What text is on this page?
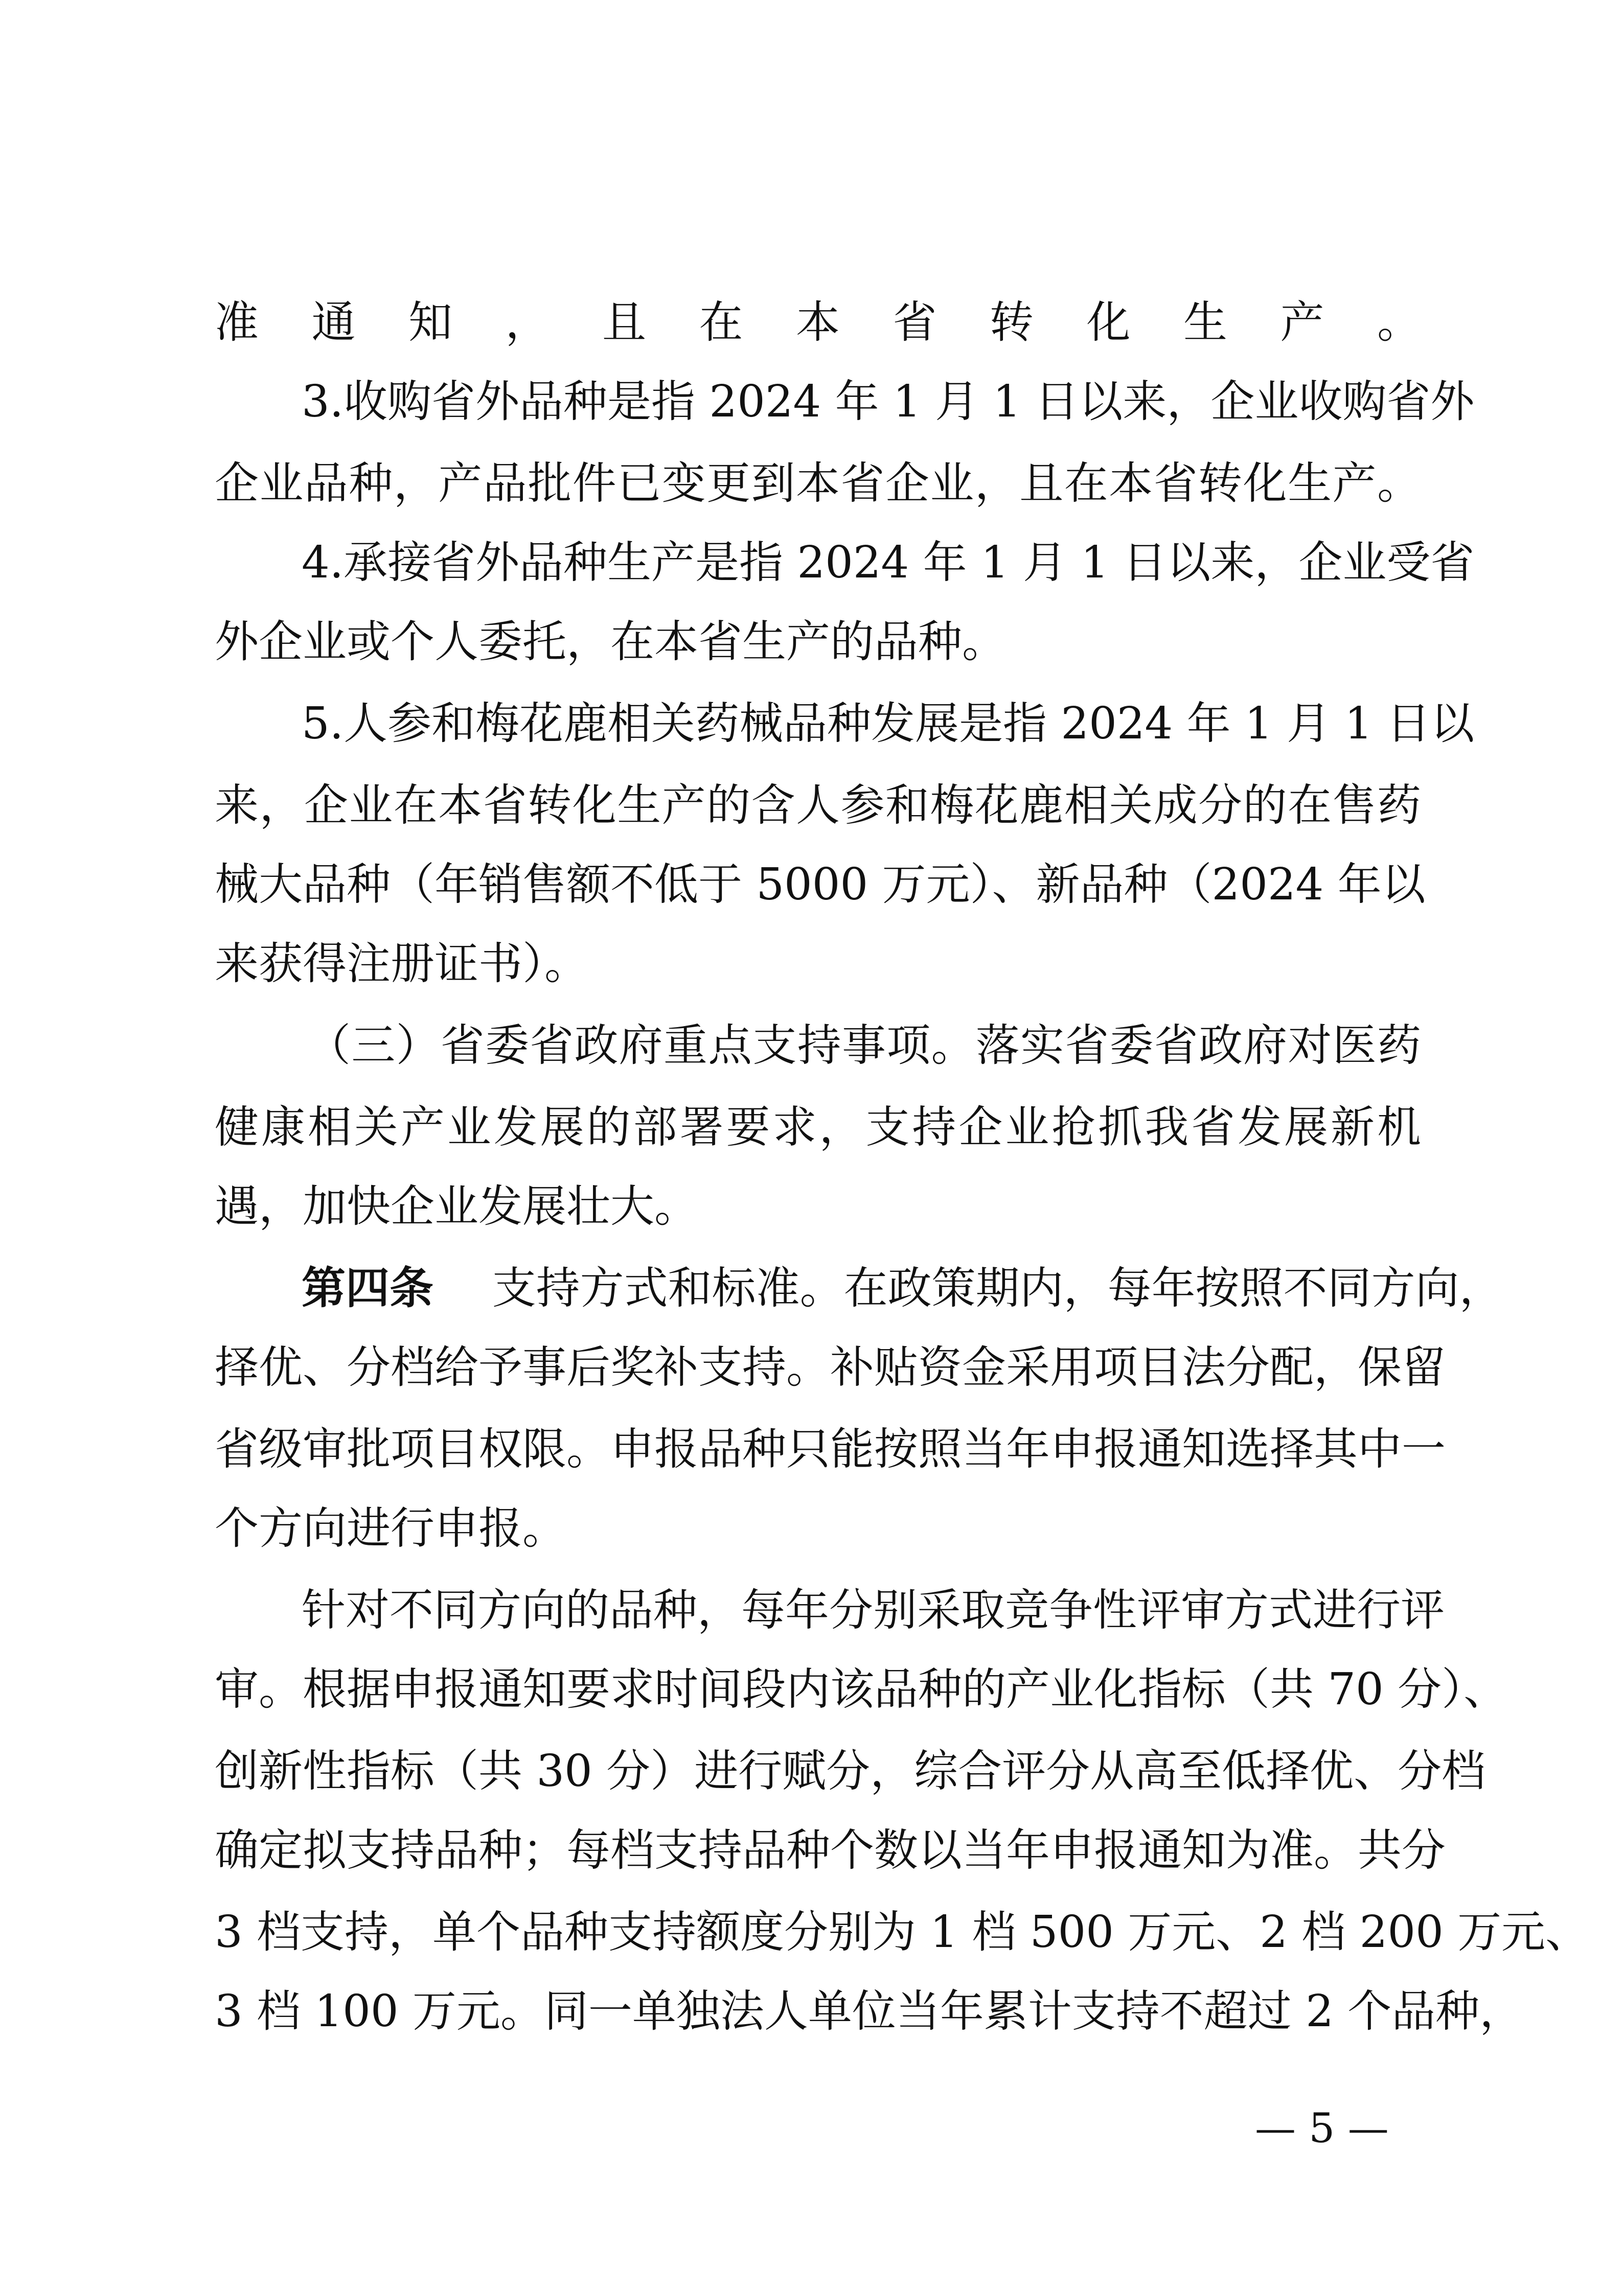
准通知，且在本省转化生产。
3.收购省外品种是指 2024 年 1 月 1 日以来，企业收购省外
企业品种，产品批件已变更到本省企业，且在本省转化生产。
4.承接省外品种生产是指 2024 年 1 月 1 日以来，企业受省
外企业或个人委托，在本省生产的品种。
5.人参和梅花鹿相关药械品种发展是指 2024 年 1 月 1 日以
来，企业在本省转化生产的含人参和梅花鹿相关成分的在售药
械大品种（年销售额不低于 5000 万元）、新品种（2024 年以
来获得注册证书）。
（三）省委省政府重点支持事项。落实省委省政府对医药
健康相关产业发展的部署要求，支持企业抢抓我省发展新机
遇，加快企业发展壮大。
第四条 支持方式和标准。在政策期内，每年按照不同方向，
择优、分档给予事后奖补支持。补贴资金采用项目法分配，保留
省级审批项目权限。申报品种只能按照当年申报通知选择其中一
个方向进行申报。
针对不同方向的品种，每年分别采取竞争性评审方式进行评
审。根据申报通知要求时间段内该品种的产业化指标（共 70 分）、
创新性指标（共 30 分）进行赋分，综合评分从高至低择优、分档
确定拟支持品种；每档支持品种个数以当年申报通知为准。共分
3 档支持，单个品种支持额度分别为 1 档 500 万元、2 档 200 万元、
3 档 100 万元。同一单独法人单位当年累计支持不超过 2 个品种，
— 5 —
